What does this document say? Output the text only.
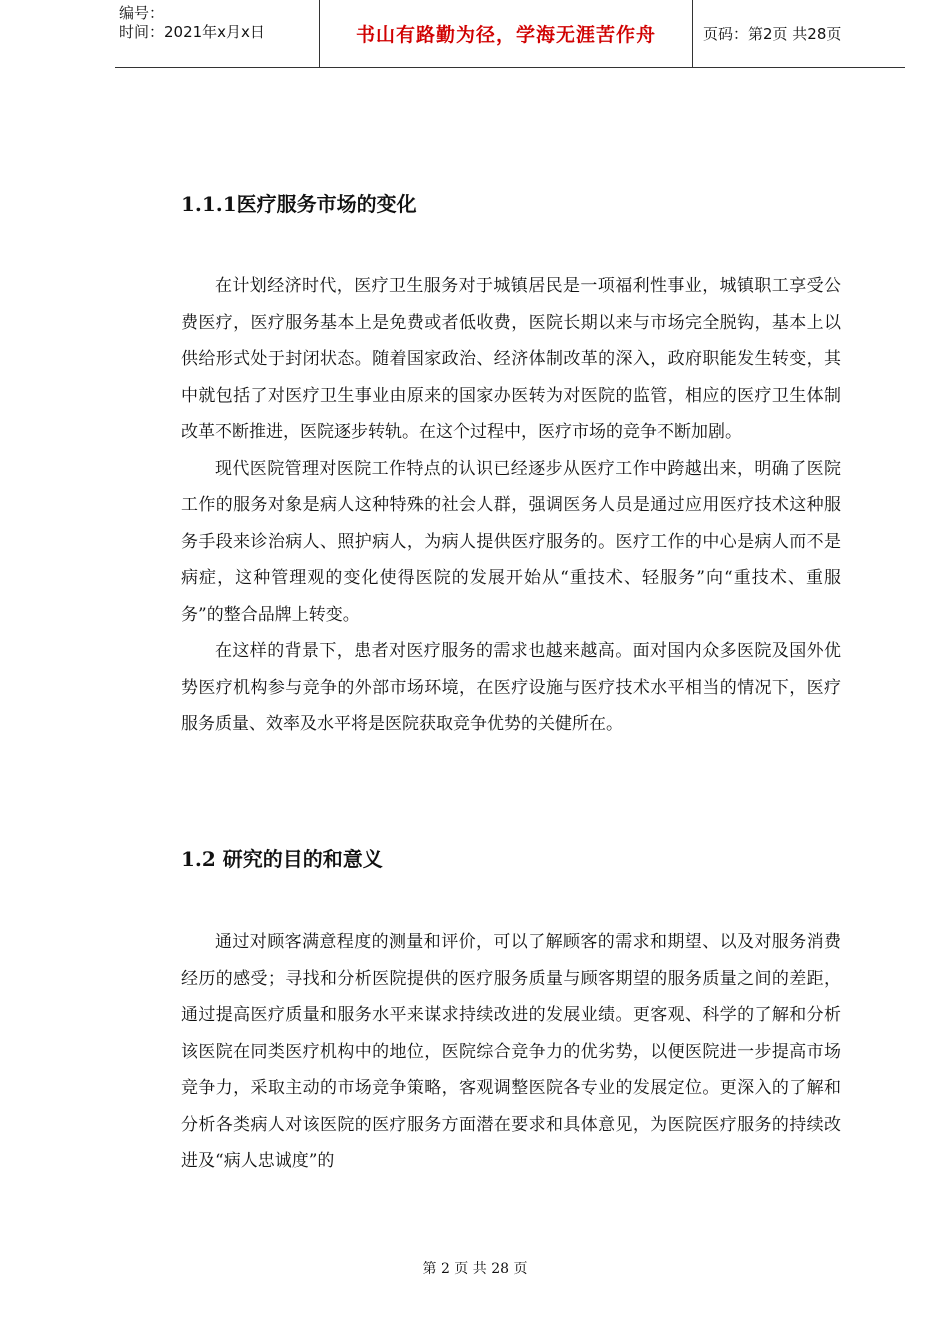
编号：
时间：2021年x月x日	书山有路勤为径，学海无涯苦作舟	页码：第2页 共28页
1.1.1医疗服务市场的变化

在计划经济时代，医疗卫生服务对于城镇居民是一项福利性事业，城镇职工享受公费医疗，医疗服务基本上是免费或者低收费，医院长期以来与市场完全脱钩，基本上以供给形式处于封闭状态。随着国家政治、经济体制改革的深入，政府职能发生转变，其中就包括了对医疗卫生事业由原来的国家办医转为对医院的监管，相应的医疗卫生体制改革不断推进，医院逐步转轨。在这个过程中，医疗市场的竞争不断加剧。

现代医院管理对医院工作特点的认识已经逐步从医疗工作中跨越出来，明确了医院工作的服务对象是病人这种特殊的社会人群，强调医务人员是通过应用医疗技术这种服务手段来诊治病人、照护病人，为病人提供医疗服务的。医疗工作的中心是病人而不是病症，这种管理观的变化使得医院的发展开始从“重技术、轻服务”向“重技术、重服务”的整合品牌上转变。

在这样的背景下，患者对医疗服务的需求也越来越高。面对国内众多医院及国外优势医疗机构参与竞争的外部市场环境，在医疗设施与医疗技术水平相当的情况下，医疗服务质量、效率及水平将是医院获取竞争优势的关健所在。

1.2 研究的目的和意义

通过对顾客满意程度的测量和评价，可以了解顾客的需求和期望、以及对服务消费经历的感受；寻找和分析医院提供的医疗服务质量与顾客期望的服务质量之间的差距，通过提高医疗质量和服务水平来谋求持续改进的发展业绩。更客观、科学的了解和分析该医院在同类医疗机构中的地位，医院综合竞争力的优劣势，以便医院进一步提高市场竞争力，采取主动的市场竞争策略，客观调整医院各专业的发展定位。更深入的了解和分析各类病人对该医院的医疗服务方面潜在要求和具体意见，为医院医疗服务的持续改进及“病人忠诚度”的

第 2 页 共 28 页
